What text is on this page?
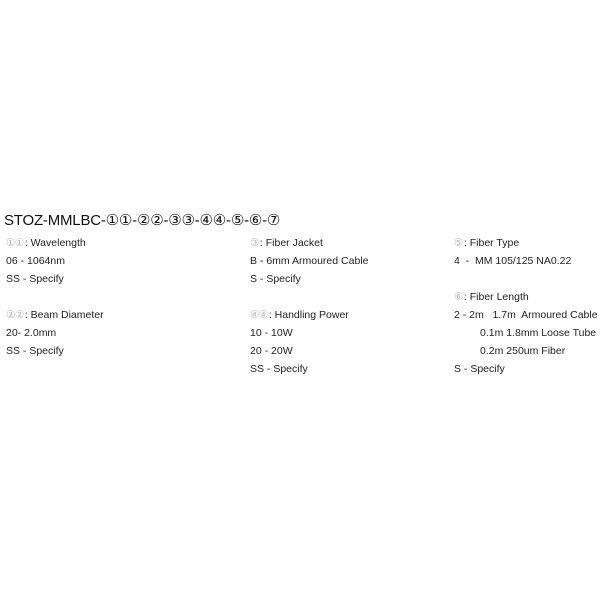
STOZ-MMLBC-①①-②②-③③-④④-⑤-⑥-⑦
①① : Wavelength
06 - 1064nm
SS - Specify
②② : Beam Diameter
20- 2.0mm
SS - Specify
③ : Fiber Jacket
B - 6mm Armoured Cable
S - Specify
④④ : Handling Power
10 - 10W
20 - 20W
SS - Specify
⑤ : Fiber Type
4  -  MM 105/125 NA0.22
⑥ : Fiber Length
2 - 2m   1.7m  Armoured Cable
0.1m 1.8mm Loose Tube
0.2m 250um Fiber
S - Specify
